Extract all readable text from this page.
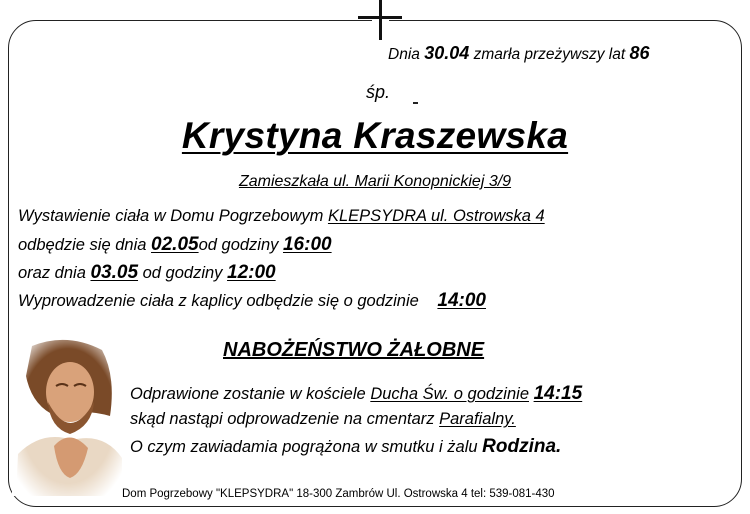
Dnia 30.04 zmarła przeżywszy lat 86
śp.
Krystyna Kraszewska
Zamieszkała ul. Marii Konopnickiej 3/9
Wystawienie ciała w Domu Pogrzebowym KLEPSYDRA ul. Ostrowska 4
odbędzie się dnia 02.05od godziny 16:00
oraz dnia 03.05 od godziny 12:00
Wyprowadzenie ciała z kaplicy odbędzie się o godzinie 14:00
NABOŻEŃSTWO ŻAŁOBNE
Odprawione zostanie w kościele Ducha Św. o godzinie 14:15
skąd nastąpi odprowadzenie na cmentarz Parafialny.
O czym zawiadamia pogrążona w smutku i żalu Rodzina.
Dom Pogrzebowy "KLEPSYDRA" 18-300 Zambrów Ul. Ostrowska 4 tel: 539-081-430
